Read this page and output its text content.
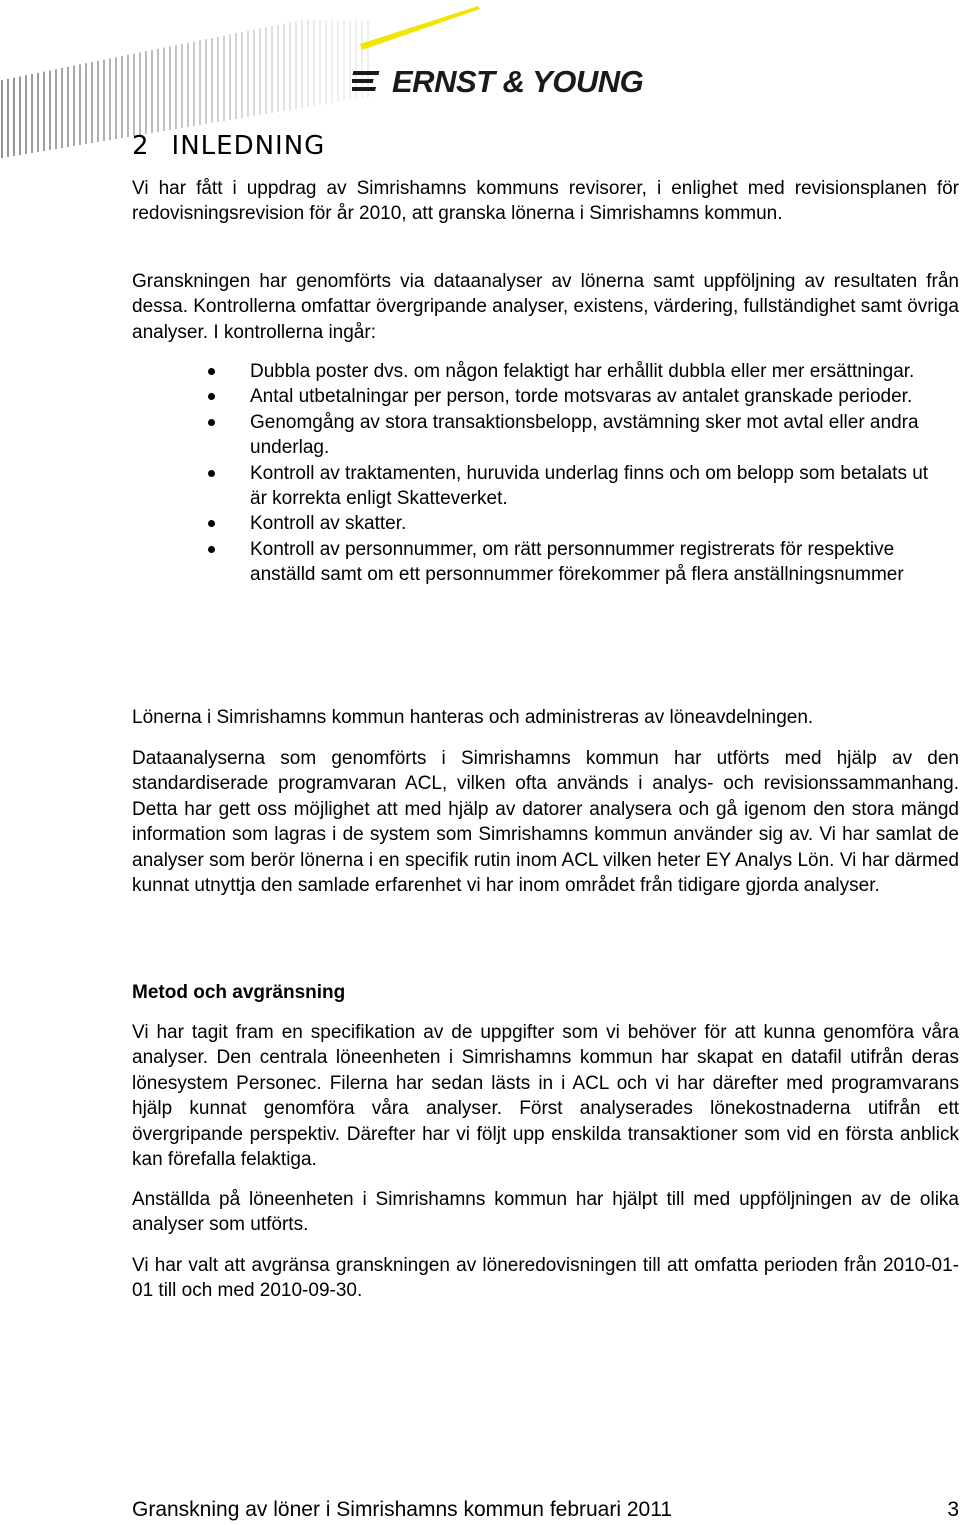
ERNST & YOUNG
2 INLEDNING

Vi har fått i uppdrag av Simrishamns kommuns revisorer, i enlighet med revisionsplanen för redovisningsrevision för år 2010, att granska lönerna i Simrishamns kommun.

Granskningen har genomförts via dataanalyser av lönerna samt uppföljning av resultaten från dessa. Kontrollerna omfattar övergripande analyser, existens, värdering, fullständighet samt övriga analyser. I kontrollerna ingår:

Dubbla poster dvs. om någon felaktigt har erhållit dubbla eller mer ersättningar.
Antal utbetalningar per person, torde motsvaras av antalet granskade perioder.
Genomgång av stora transaktionsbelopp, avstämning sker mot avtal eller andra underlag.
Kontroll av traktamenten, huruvida underlag finns och om belopp som betalats ut är korrekta enligt Skatteverket.
Kontroll av skatter.
Kontroll av personnummer, om rätt personnummer registrerats för respektive anställd samt om ett personnummer förekommer på flera anställningsnummer

Lönerna i Simrishamns kommun hanteras och administreras av löneavdelningen.

Dataanalyserna som genomförts i Simrishamns kommun har utförts med hjälp av den standardiserade programvaran ACL, vilken ofta används i analys- och revisionssammanhang. Detta har gett oss möjlighet att med hjälp av datorer analysera och gå igenom den stora mängd information som lagras i de system som Simrishamns kommun använder sig av. Vi har samlat de analyser som berör lönerna i en specifik rutin inom ACL vilken heter EY Analys Lön. Vi har därmed kunnat utnyttja den samlade erfarenhet vi har inom området från tidigare gjorda analyser.

Metod och avgränsning

Vi har tagit fram en specifikation av de uppgifter som vi behöver för att kunna genomföra våra analyser. Den centrala löneenheten i Simrishamns kommun har skapat en datafil utifrån deras lönesystem Personec. Filerna har sedan lästs in i ACL och vi har därefter med programvarans hjälp kunnat genomföra våra analyser. Först analyserades lönekostnaderna utifrån ett övergripande perspektiv. Därefter har vi följt upp enskilda transaktioner som vid en första anblick kan förefalla felaktiga.

Anställda på löneenheten i Simrishamns kommun har hjälpt till med uppföljningen av de olika analyser som utförts.

Vi har valt att avgränsa granskningen av löneredovisningen till att omfatta perioden från 2010-01-01 till och med 2010-09-30.

Granskning av löner i Simrishamns kommun februari 2011	3
